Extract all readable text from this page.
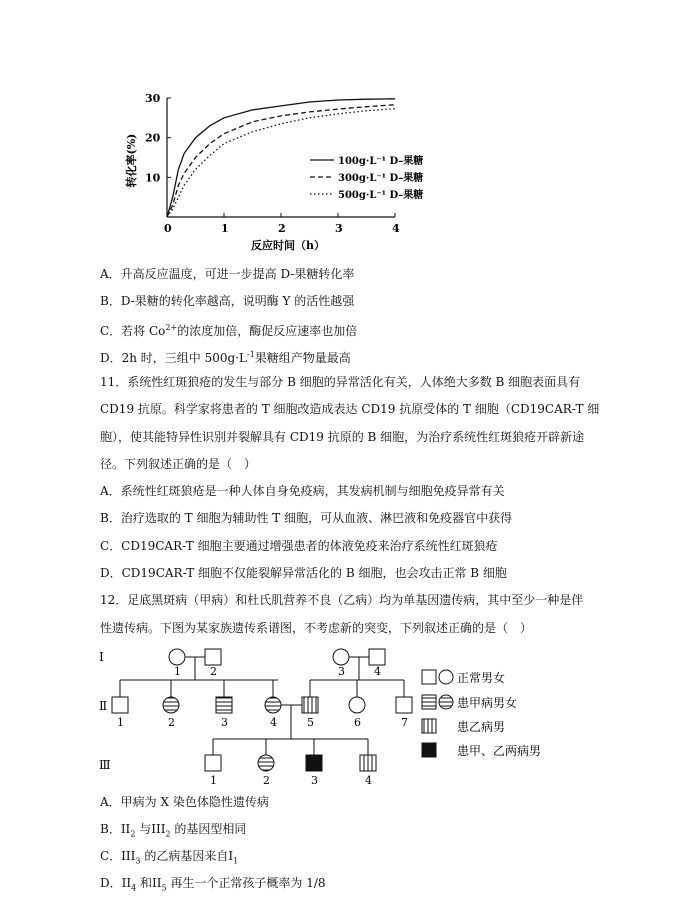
0	1	2	3	4
10
20
30
转化率(%)
反应时间（h）
100g·L⁻¹ D–果糖
300g·L⁻¹ D–果糖
500g·L⁻¹ D–果糖
A．升高反应温度，可进一步提高 D-果糖转化率
B．D-果糖的转化率越高，说明酶 Y 的活性越强
C．若将 $Co^{2+}$的浓度加倍，酶促反应速率也加倍
D．2h 时，三组中 $500g\cdot L^{-1}$果糖组产物量最高
11．系统性红斑狼疮的发生与部分 B 细胞的异常活化有关，人体绝大多数 B 细胞表面具有
CD19 抗原。科学家将患者的 T 细胞改造成表达 CD19 抗原受体的 T 细胞（CD19CAR-T 细
胞），使其能特异性识别并裂解具有 CD19 抗原的 B 细胞，为治疗系统性红斑狼疮开辟新途
径。下列叙述正确的是（　）
A．系统性红斑狼疮是一种人体自身免疫病，其发病机制与细胞免疫异常有关
B．治疗选取的 T 细胞为辅助性 T 细胞，可从血液、淋巴液和免疫器官中获得
C．CD19CAR-T 细胞主要通过增强患者的体液免疫来治疗系统性红斑狼疮
D．CD19CAR-T 细胞不仅能裂解异常活化的 B 细胞，也会攻击正常 B 细胞
12．足底黑斑病（甲病）和杜氏肌营养不良（乙病）均为单基因遗传病，其中至少一种是伴
性遗传病。下图为某家族遗传系谱图，不考虑新的突变，下列叙述正确的是（　）
Ⅰ
Ⅱ
Ⅲ
1	2	3	4
1	2	3	4	5	6	7
1	2	3	4
正常男女
患甲病男女
患乙病男
患甲、乙两病男
A．甲病为 X 染色体隐性遗传病
B．$II_2$ 与$III_2$ 的基因型相同
C．$III_3$ 的乙病基因来自$I_1$
D．$II_4$ 和$II_5$ 再生一个正常孩子概率为 1/8
